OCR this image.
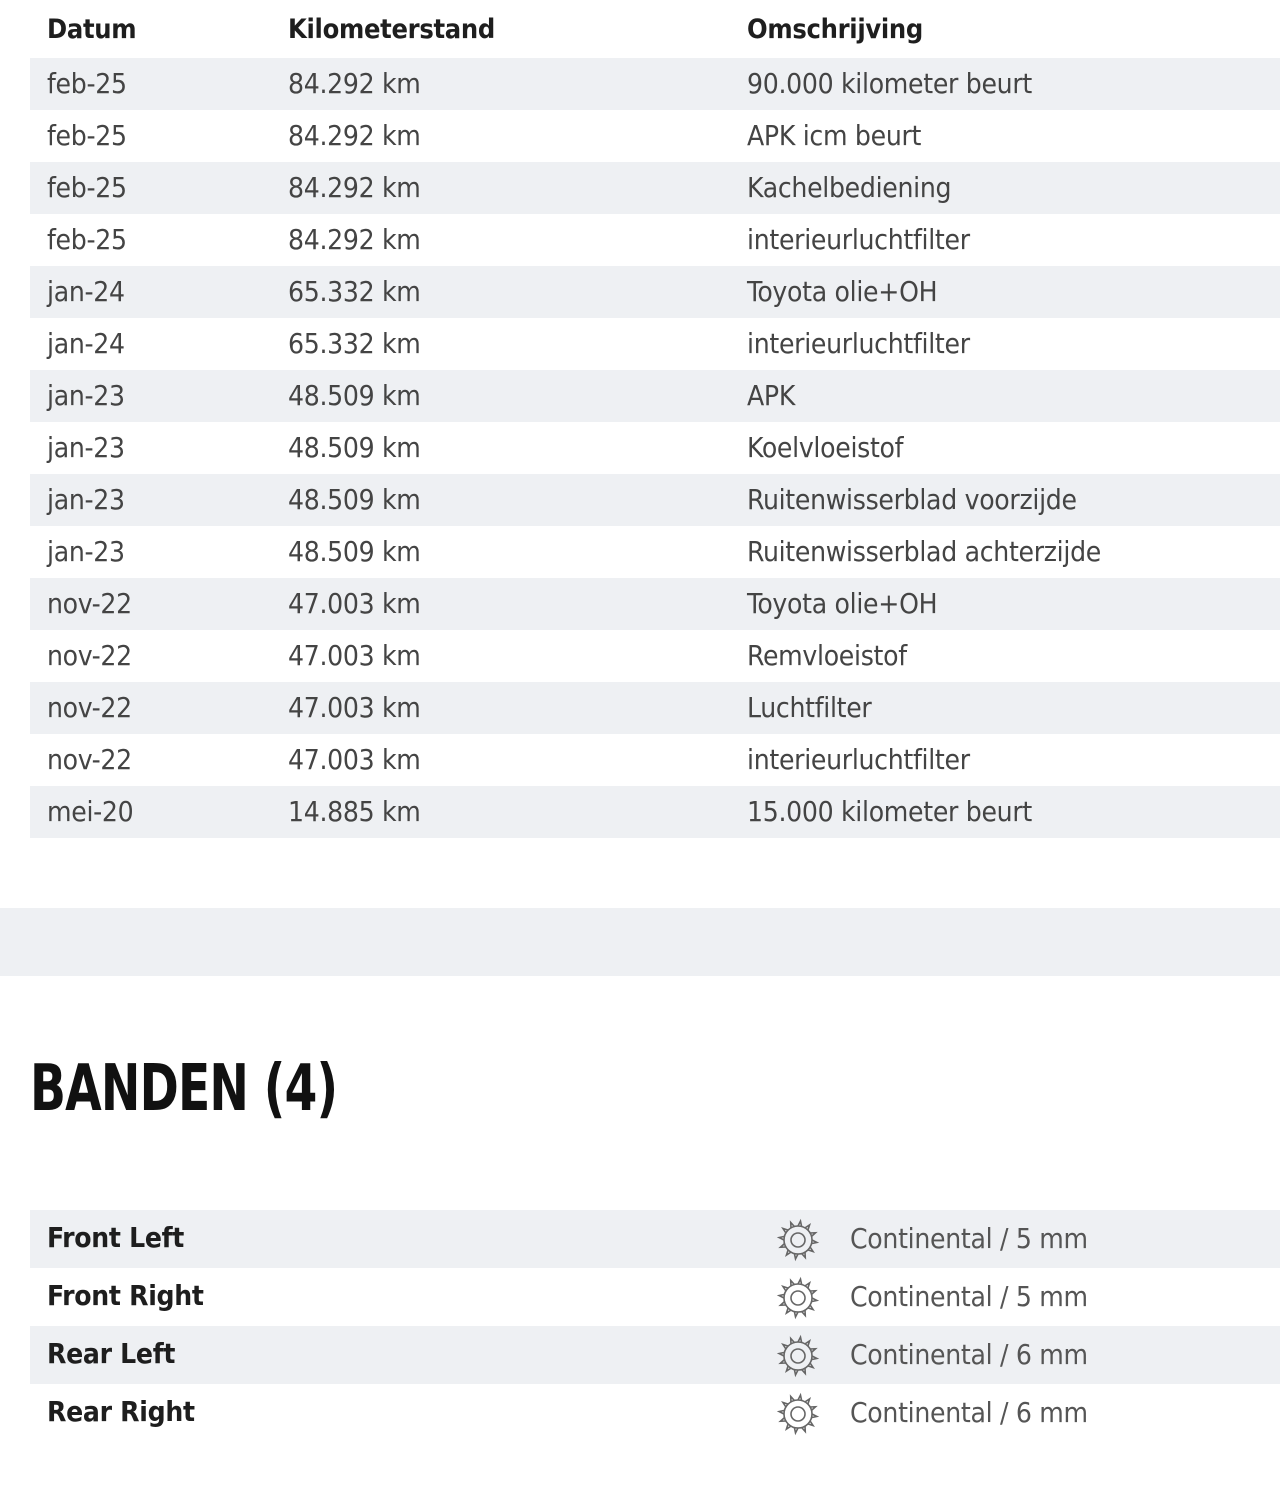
Datum	Kilometerstand	Omschrijving
feb-25	84.292 km	90.000 kilometer beurt
feb-25	84.292 km	APK icm beurt
feb-25	84.292 km	Kachelbediening
feb-25	84.292 km	interieurluchtfilter
jan-24	65.332 km	Toyota olie+OH
jan-24	65.332 km	interieurluchtfilter
jan-23	48.509 km	APK
jan-23	48.509 km	Koelvloeistof
jan-23	48.509 km	Ruitenwisserblad voorzijde
jan-23	48.509 km	Ruitenwisserblad achterzijde
nov-22	47.003 km	Toyota olie+OH
nov-22	47.003 km	Remvloeistof
nov-22	47.003 km	Luchtfilter
nov-22	47.003 km	interieurluchtfilter
mei-20	14.885 km	15.000 kilometer beurt
BANDEN (4)
Front Left	Continental / 5 mm
Front Right	Continental / 5 mm
Rear Left	Continental / 6 mm
Rear Right	Continental / 6 mm
